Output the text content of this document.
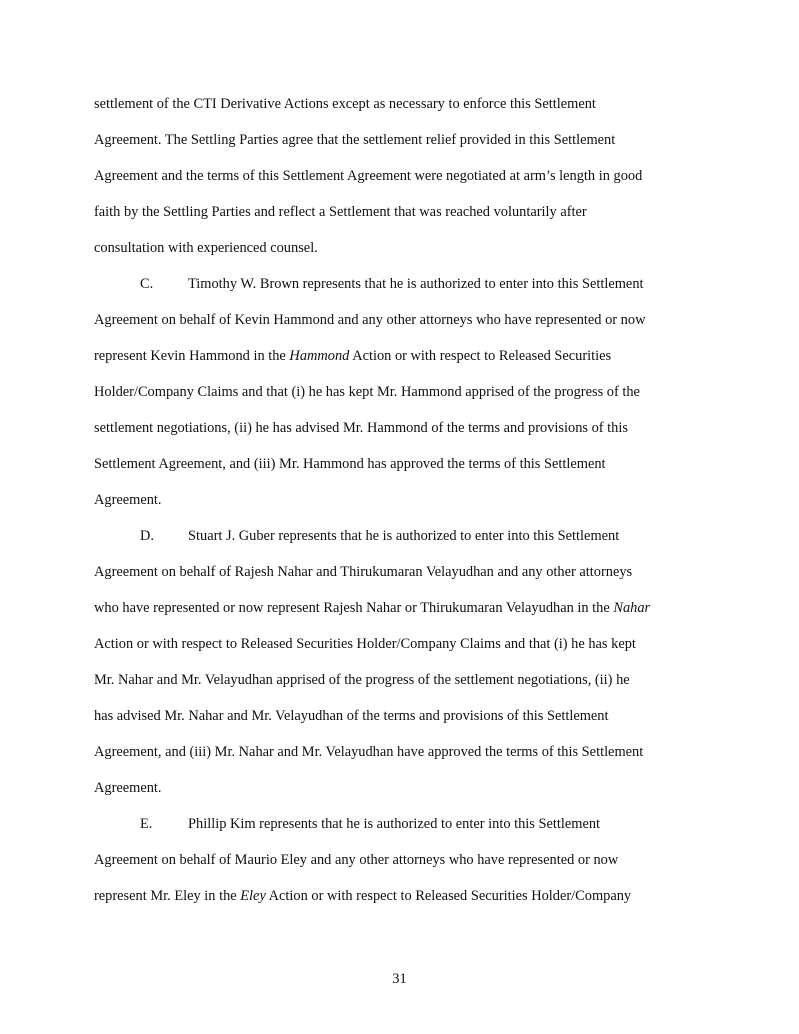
settlement of the CTI Derivative Actions except as necessary to enforce this Settlement
Agreement. The Settling Parties agree that the settlement relief provided in this Settlement
Agreement and the terms of this Settlement Agreement were negotiated at arm’s length in good
faith by the Settling Parties and reflect a Settlement that was reached voluntarily after
consultation with experienced counsel.
C. Timothy W. Brown represents that he is authorized to enter into this Settlement
Agreement on behalf of Kevin Hammond and any other attorneys who have represented or now
represent Kevin Hammond in the Hammond Action or with respect to Released Securities
Holder/Company Claims and that (i) he has kept Mr. Hammond apprised of the progress of the
settlement negotiations, (ii) he has advised Mr. Hammond of the terms and provisions of this
Settlement Agreement, and (iii) Mr. Hammond has approved the terms of this Settlement
Agreement.
D. Stuart J. Guber represents that he is authorized to enter into this Settlement
Agreement on behalf of Rajesh Nahar and Thirukumaran Velayudhan and any other attorneys
who have represented or now represent Rajesh Nahar or Thirukumaran Velayudhan in the Nahar
Action or with respect to Released Securities Holder/Company Claims and that (i) he has kept
Mr. Nahar and Mr. Velayudhan apprised of the progress of the settlement negotiations, (ii) he
has advised Mr. Nahar and Mr. Velayudhan of the terms and provisions of this Settlement
Agreement, and (iii) Mr. Nahar and Mr. Velayudhan have approved the terms of this Settlement
Agreement.
E. Phillip Kim represents that he is authorized to enter into this Settlement
Agreement on behalf of Maurio Eley and any other attorneys who have represented or now
represent Mr. Eley in the Eley Action or with respect to Released Securities Holder/Company
31
